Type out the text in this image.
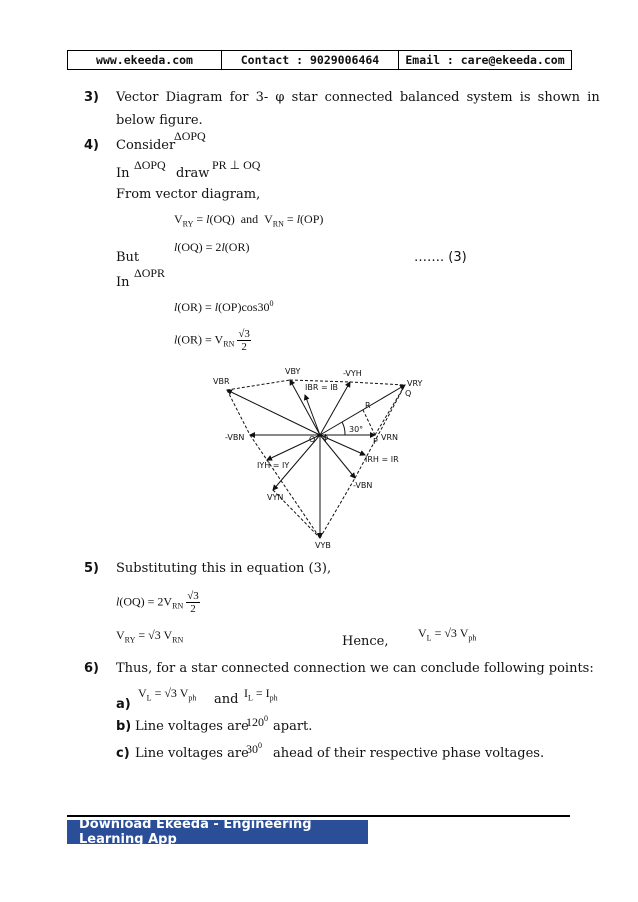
www.ekeeda.com	Contact : 9029006464	Email : care@ekeeda.com
3) Vector Diagram for 3- φ star connected balanced system is shown in
below figure.
4) Consider
ΔOPQ
In
ΔOPQ
draw
PR ⊥ OQ
From vector diagram,
$V_{RY} = l(OQ)$  and  $V_{RN} = l(OP)$
But
l(OQ) = 2l(OR)
……. (3)
In
ΔOPR
$l(OR) = l(OP)\cos 30^0$
$l(OR) = V_{RN} \frac{√3}{2}$
VBR
VBY
IBR = IB
-VYH
VRY
Q
R
30°
-VBN	O ϕ	P VRN
IRH = IR
IYH = IY
VYN
-VBN
VYB
5) Substituting this in equation (3),
$l(OQ) = 2V_{RN} \frac{√3}{2}$
$V_{RY} = √3$ $V_{RN}$	Hence,
$V_L = √3$ $V_{ph}$
6) Thus, for a star connected connection we can conclude following points:
a)
$V_L = √3$ $V_{ph}$ and $I_L = I_{ph}$
b) Line voltages are
$120^0$
apart.
c) Line voltages are
$30^0$
ahead of their respective phase voltages.
Download Ekeeda - Engineering Learning App
